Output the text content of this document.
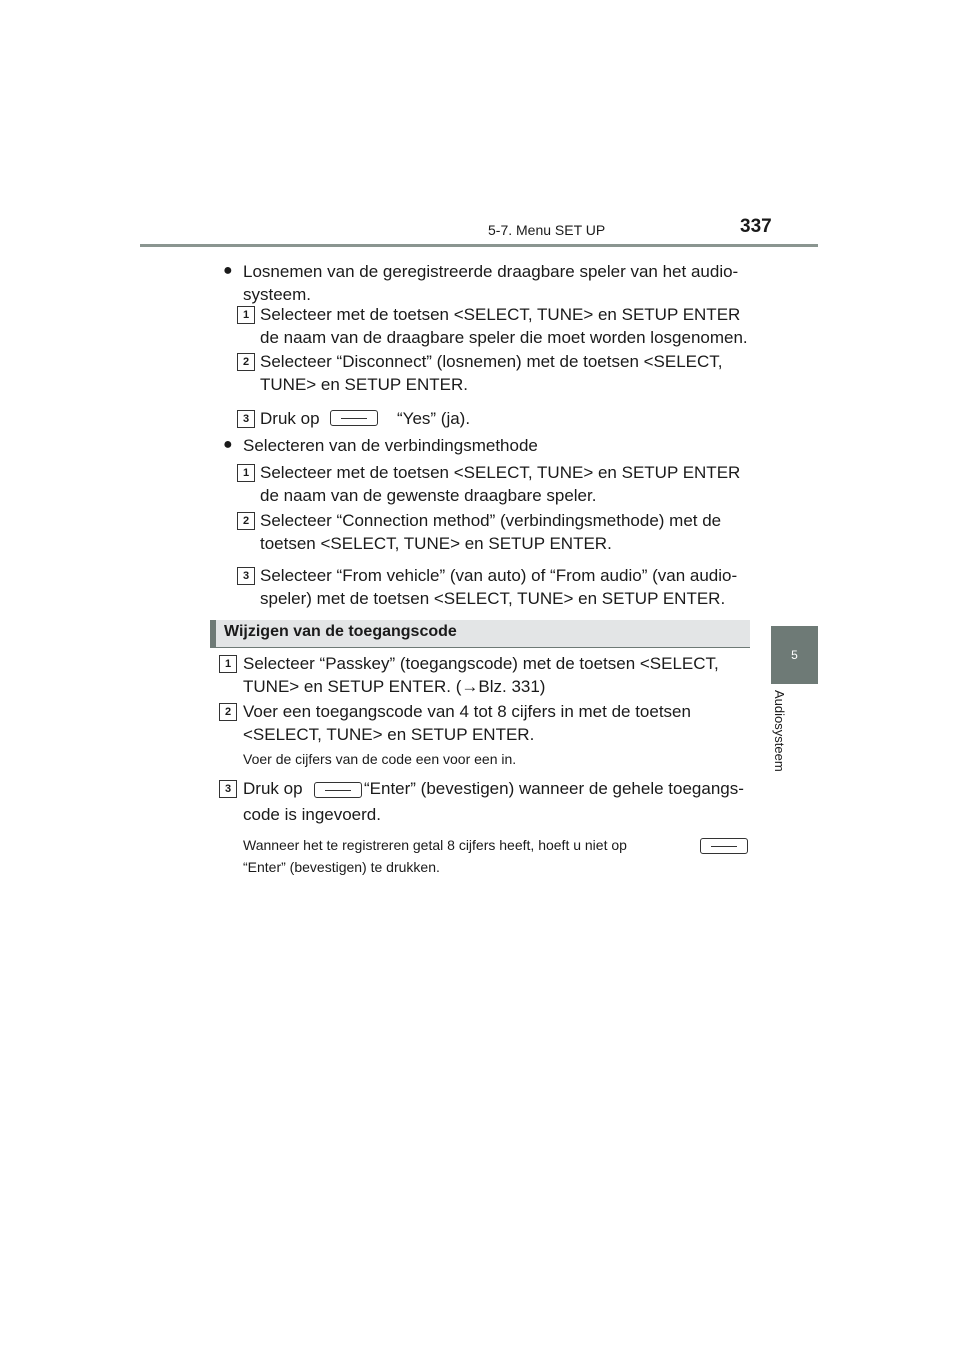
5-7. Menu SET UP	337
5
Audiosysteem
● Losnemen van de geregistreerde draagbare speler van het audio-
systeem.
1 Selecteer met de toetsen <SELECT, TUNE> en SETUP ENTER
de naam van de draagbare speler die moet worden losgenomen.
2 Selecteer “Disconnect” (losnemen) met de toetsen <SELECT,
TUNE> en SETUP ENTER.
3 Druk op	“Yes” (ja).
● Selecteren van de verbindingsmethode
1 Selecteer met de toetsen <SELECT, TUNE> en SETUP ENTER
de naam van de gewenste draagbare speler.
2 Selecteer “Connection method” (verbindingsmethode) met de
toetsen <SELECT, TUNE> en SETUP ENTER.
3 Selecteer “From vehicle” (van auto) of “From audio” (van audio-
speler) met de toetsen <SELECT, TUNE> en SETUP ENTER.
Wijzigen van de toegangscode
1 Selecteer “Passkey” (toegangscode) met de toetsen <SELECT,
TUNE> en SETUP ENTER. (→Blz. 331)
2 Voer een toegangscode van 4 tot 8 cijfers in met de toetsen
<SELECT, TUNE> en SETUP ENTER.
Voer de cijfers van de code een voor een in.
3 Druk op	“Enter” (bevestigen) wanneer de gehele toegangs-
code is ingevoerd.
Wanneer het te registreren getal 8 cijfers heeft, hoeft u niet op
“Enter” (bevestigen) te drukken.
